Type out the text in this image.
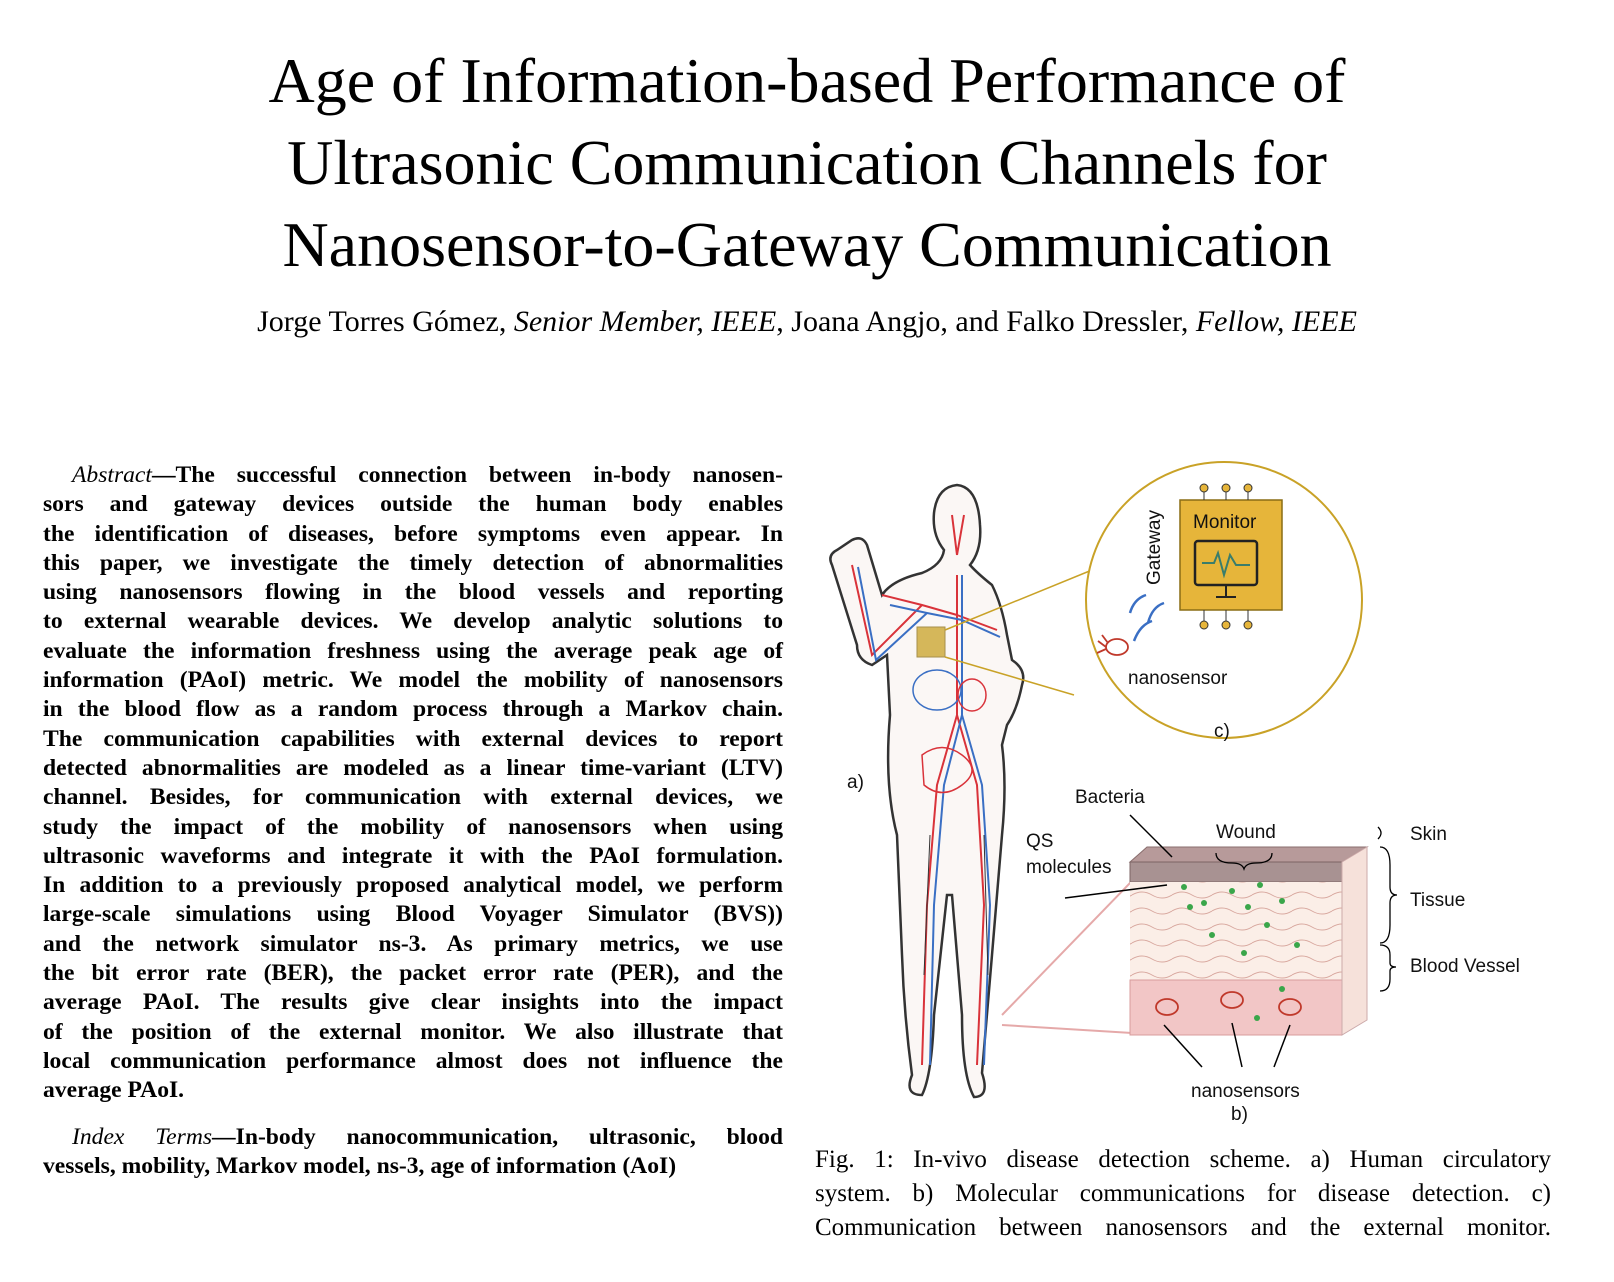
Age of Information-based Performance of
Ultrasonic Communication Channels for
Nanosensor-to-Gateway Communication
Jorge Torres Gómez, Senior Member, IEEE, Joana Angjo, and Falko Dressler, Fellow, IEEE
Abstract—The successful connection between in-body nanosen-
sors and gateway devices outside the human body enables
the identification of diseases, before symptoms even appear. In
this paper, we investigate the timely detection of abnormalities
using nanosensors flowing in the blood vessels and reporting
to external wearable devices. We develop analytic solutions to
evaluate the information freshness using the average peak age of
information (PAoI) metric. We model the mobility of nanosensors
in the blood flow as a random process through a Markov chain.
The communication capabilities with external devices to report
detected abnormalities are modeled as a linear time-variant (LTV)
channel. Besides, for communication with external devices, we
study the impact of the mobility of nanosensors when using
ultrasonic waveforms and integrate it with the PAoI formulation.
In addition to a previously proposed analytical model, we perform
large-scale simulations using Blood Voyager Simulator (BVS))
and the network simulator ns-3. As primary metrics, we use
the bit error rate (BER), the packet error rate (PER), and the
average PAoI. The results give clear insights into the impact
of the position of the external monitor. We also illustrate that
local communication performance almost does not influence the
average PAoI.
Index Terms—In-body nanocommunication, ultrasonic, blood
vessels, mobility, Markov model, ns-3, age of information (AoI)
a)
Monitor
Gateway
nanosensor
c)
Bacteria
Wound
QS
molecules
Skin
Tissue
Blood Vessel
nanosensors
b)
Fig. 1: In-vivo disease detection scheme. a) Human circulatory
system. b) Molecular communications for disease detection. c)
Communication between nanosensors and the external monitor.
